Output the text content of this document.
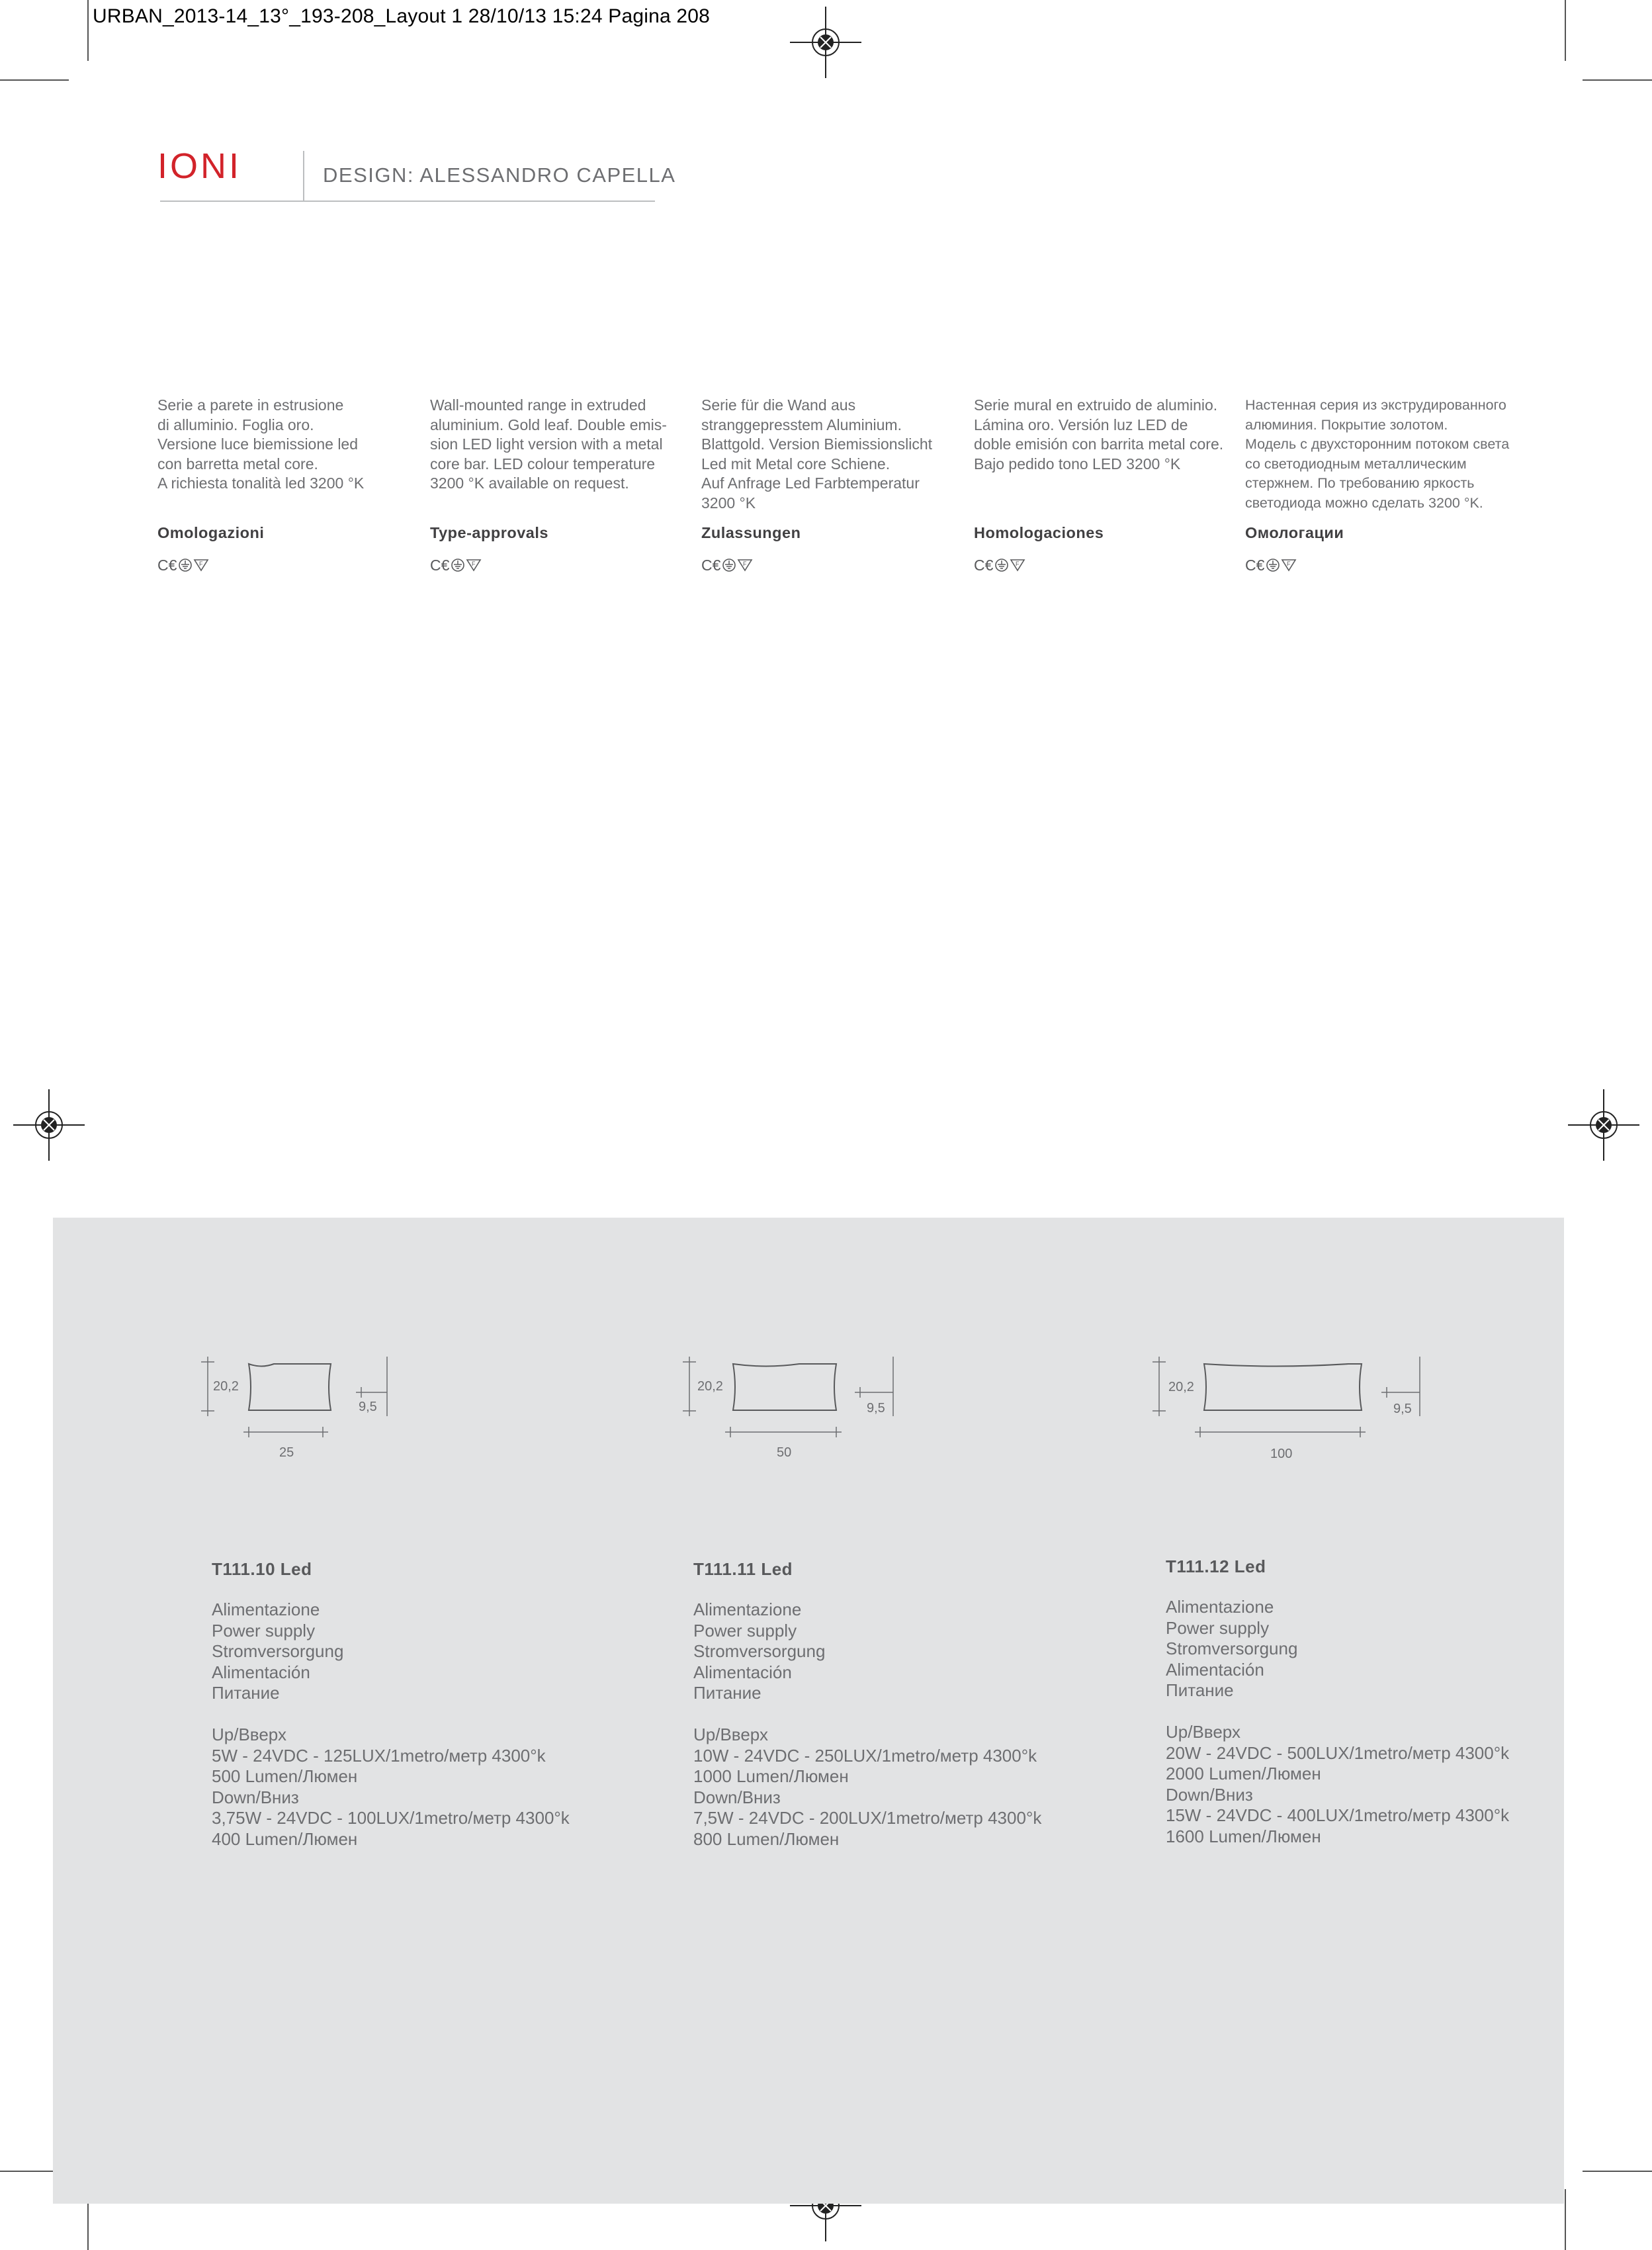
URBAN_2013-14_13°_193-208_Layout 1 28/10/13 15:24 Pagina 208
IONI	DESIGN: ALESSANDRO CAPELLA

Serie a parete in estrusione
di alluminio. Foglia oro.
Versione luce biemissione led
con barretta metal core.
A richiesta tonalità led 3200 °K

Omologazioni
C€	F

Wall-mounted range in extruded
aluminium. Gold leaf. Double emis-
sion LED light version with a metal
core bar. LED colour temperature
3200 °K available on request.

Type-approvals
C€	F

Serie für die Wand aus
stranggepresstem Aluminium.
Blattgold. Version Biemissionslicht
Led mit Metal core Schiene.
Auf Anfrage Led Farbtemperatur
3200 °K

Zulassungen
C€	F

Serie mural en extruido de aluminio.
Lámina oro. Versión luz LED de
doble emisión con barrita metal core.
Bajo pedido tono LED 3200 °K

Homologaciones
C€	F

Настенная серия из экструдированного
алюминия. Покрытие золотом.
Модель с двухсторонним потоком света
со светодиодным металлическим
стержнем. По требованию яркость
светодиода можно сделать 3200 °K.

Омологации
C€	F
20,2
9,5
25
20,2
9,5
50
20,2
9,5
100
T111.10 Led
Alimentazione
Power supply
Stromversorgung
Alimentación
Питание
Up/Вверх
5W - 24VDC - 125LUX/1metro/метр 4300°k
500 Lumen/Люмен
Down/Вниз
3,75W - 24VDC - 100LUX/1metro/метр 4300°k
400 Lumen/Люмен
T111.11 Led
Alimentazione
Power supply
Stromversorgung
Alimentación
Питание
Up/Вверх
10W - 24VDC - 250LUX/1metro/метр 4300°k
1000 Lumen/Люмен
Down/Вниз
7,5W - 24VDC - 200LUX/1metro/метр 4300°k
800 Lumen/Люмен
T111.12 Led
Alimentazione
Power supply
Stromversorgung
Alimentación
Питание
Up/Вверх
20W - 24VDC - 500LUX/1metro/метр 4300°k
2000 Lumen/Люмен
Down/Вниз
15W - 24VDC - 400LUX/1metro/метр 4300°k
1600 Lumen/Люмен
